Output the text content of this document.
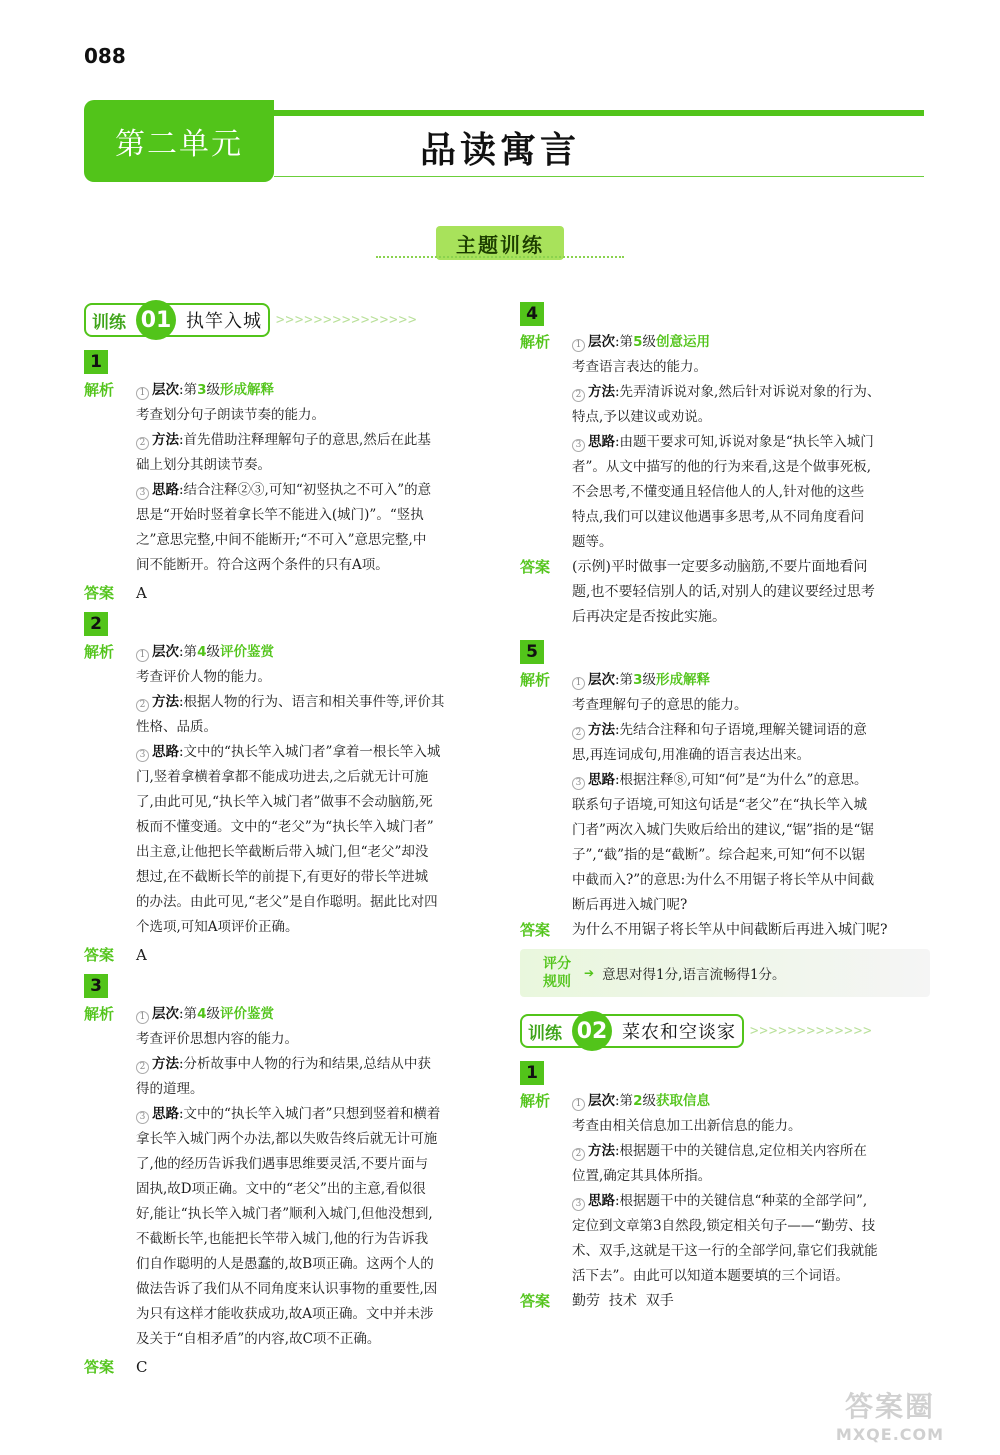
088
第二单元	品读寓言
主题训练
训练 01 执竿入城 >>>>>>>>>>>>>>>
1
解析	1 层次 :第 3 级 形成解释
考查划分句子朗读节奏的能力。
2 方法 :首先借助注释理解句子的意思,然后在此基
础上划分其朗读节奏。
3 思路 :结合注释②③,可知“初竖执之不可入”的意
思是“开始时竖着拿长竿不能进入(城门)”。“竖执
之”意思完整,中间不能断开;“不可入”意思完整,中
间不能断开。符合这两个条件的只有A项。
答案	A
2
解析	1 层次 :第 4 级 评价鉴赏
考查评价人物的能力。
2 方法 :根据人物的行为、语言和相关事件等,评价其
性格、品质。
3 思路 :文中的“执长竿入城门者”拿着一根长竿入城
门,竖着拿横着拿都不能成功进去,之后就无计可施
了,由此可见,“执长竿入城门者”做事不会动脑筋,死
板而不懂变通。文中的“老父”为“执长竿入城门者”
出主意,让他把长竿截断后带入城门,但“老父”却没
想过,在不截断长竿的前提下,有更好的带长竿进城
的办法。由此可见,“老父”是自作聪明。据此比对四
个选项,可知A项评价正确。
答案	A
3
解析	1 层次 :第 4 级 评价鉴赏
考查评价思想内容的能力。
2 方法 :分析故事中人物的行为和结果,总结从中获
得的道理。
3 思路 :文中的“执长竿入城门者”只想到竖着和横着
拿长竿入城门两个办法,都以失败告终后就无计可施
了,他的经历告诉我们遇事思维要灵活,不要片面与
固执,故D项正确。文中的“老父”出的主意,看似很
好,能让“执长竿入城门者”顺利入城门,但他没想到,
不截断长竿,也能把长竿带入城门,他的行为告诉我
们自作聪明的人是愚蠢的,故B项正确。这两个人的
做法告诉了我们从不同角度来认识事物的重要性,因
为只有这样才能收获成功,故A项正确。文中并未涉
及关于“自相矛盾”的内容,故C项不正确。
答案	C
4
解析	1 层次 :第 5 级 创意运用
考查语言表达的能力。
2 方法 :先弄清诉说对象,然后针对诉说对象的行为、
特点,予以建议或劝说。
3 思路 :由题干要求可知,诉说对象是“执长竿入城门
者”。从文中描写的他的行为来看,这是个做事死板,
不会思考,不懂变通且轻信他人的人,针对他的这些
特点,我们可以建议他遇事多思考,从不同角度看问
题等。
答案	(示例)平时做事一定要多动脑筋,不要片面地看问
题,也不要轻信别人的话,对别人的建议要经过思考
后再决定是否按此实施。
5
解析	1 层次 :第 3 级 形成解释
考查理解句子的意思的能力。
2 方法 :先结合注释和句子语境,理解关键词语的意
思,再连词成句,用准确的语言表达出来。
3 思路 :根据注释⑧,可知“何”是“为什么”的意思。
联系句子语境,可知这句话是“老父”在“执长竿入城
门者”两次入城门失败后给出的建议,“锯”指的是“锯
子”,“截”指的是“截断”。综合起来,可知“何不以锯
中截而入?”的意思:为什么不用锯子将长竿从中间截
断后再进入城门呢?
答案	为什么不用锯子将长竿从中间截断后再进入城门呢?
评分
规则
➔ 意思对得1分,语言流畅得1分。
训练 02 菜农和空谈家 >>>>>>>>>>>>>
1
解析	1 层次 :第 2 级 获取信息
考查由相关信息加工出新信息的能力。
2 方法 :根据题干中的关键信息,定位相关内容所在
位置,确定其具体所指。
3 思路 :根据题干中的关键信息“种菜的全部学问”,
定位到文章第3自然段,锁定相关句子——“勤劳、技
术、双手,这就是干这一行的全部学问,靠它们我就能
活下去”。由此可以知道本题要填的三个词语。
答案	勤劳  技术  双手
答案圈
MXQE.COM
